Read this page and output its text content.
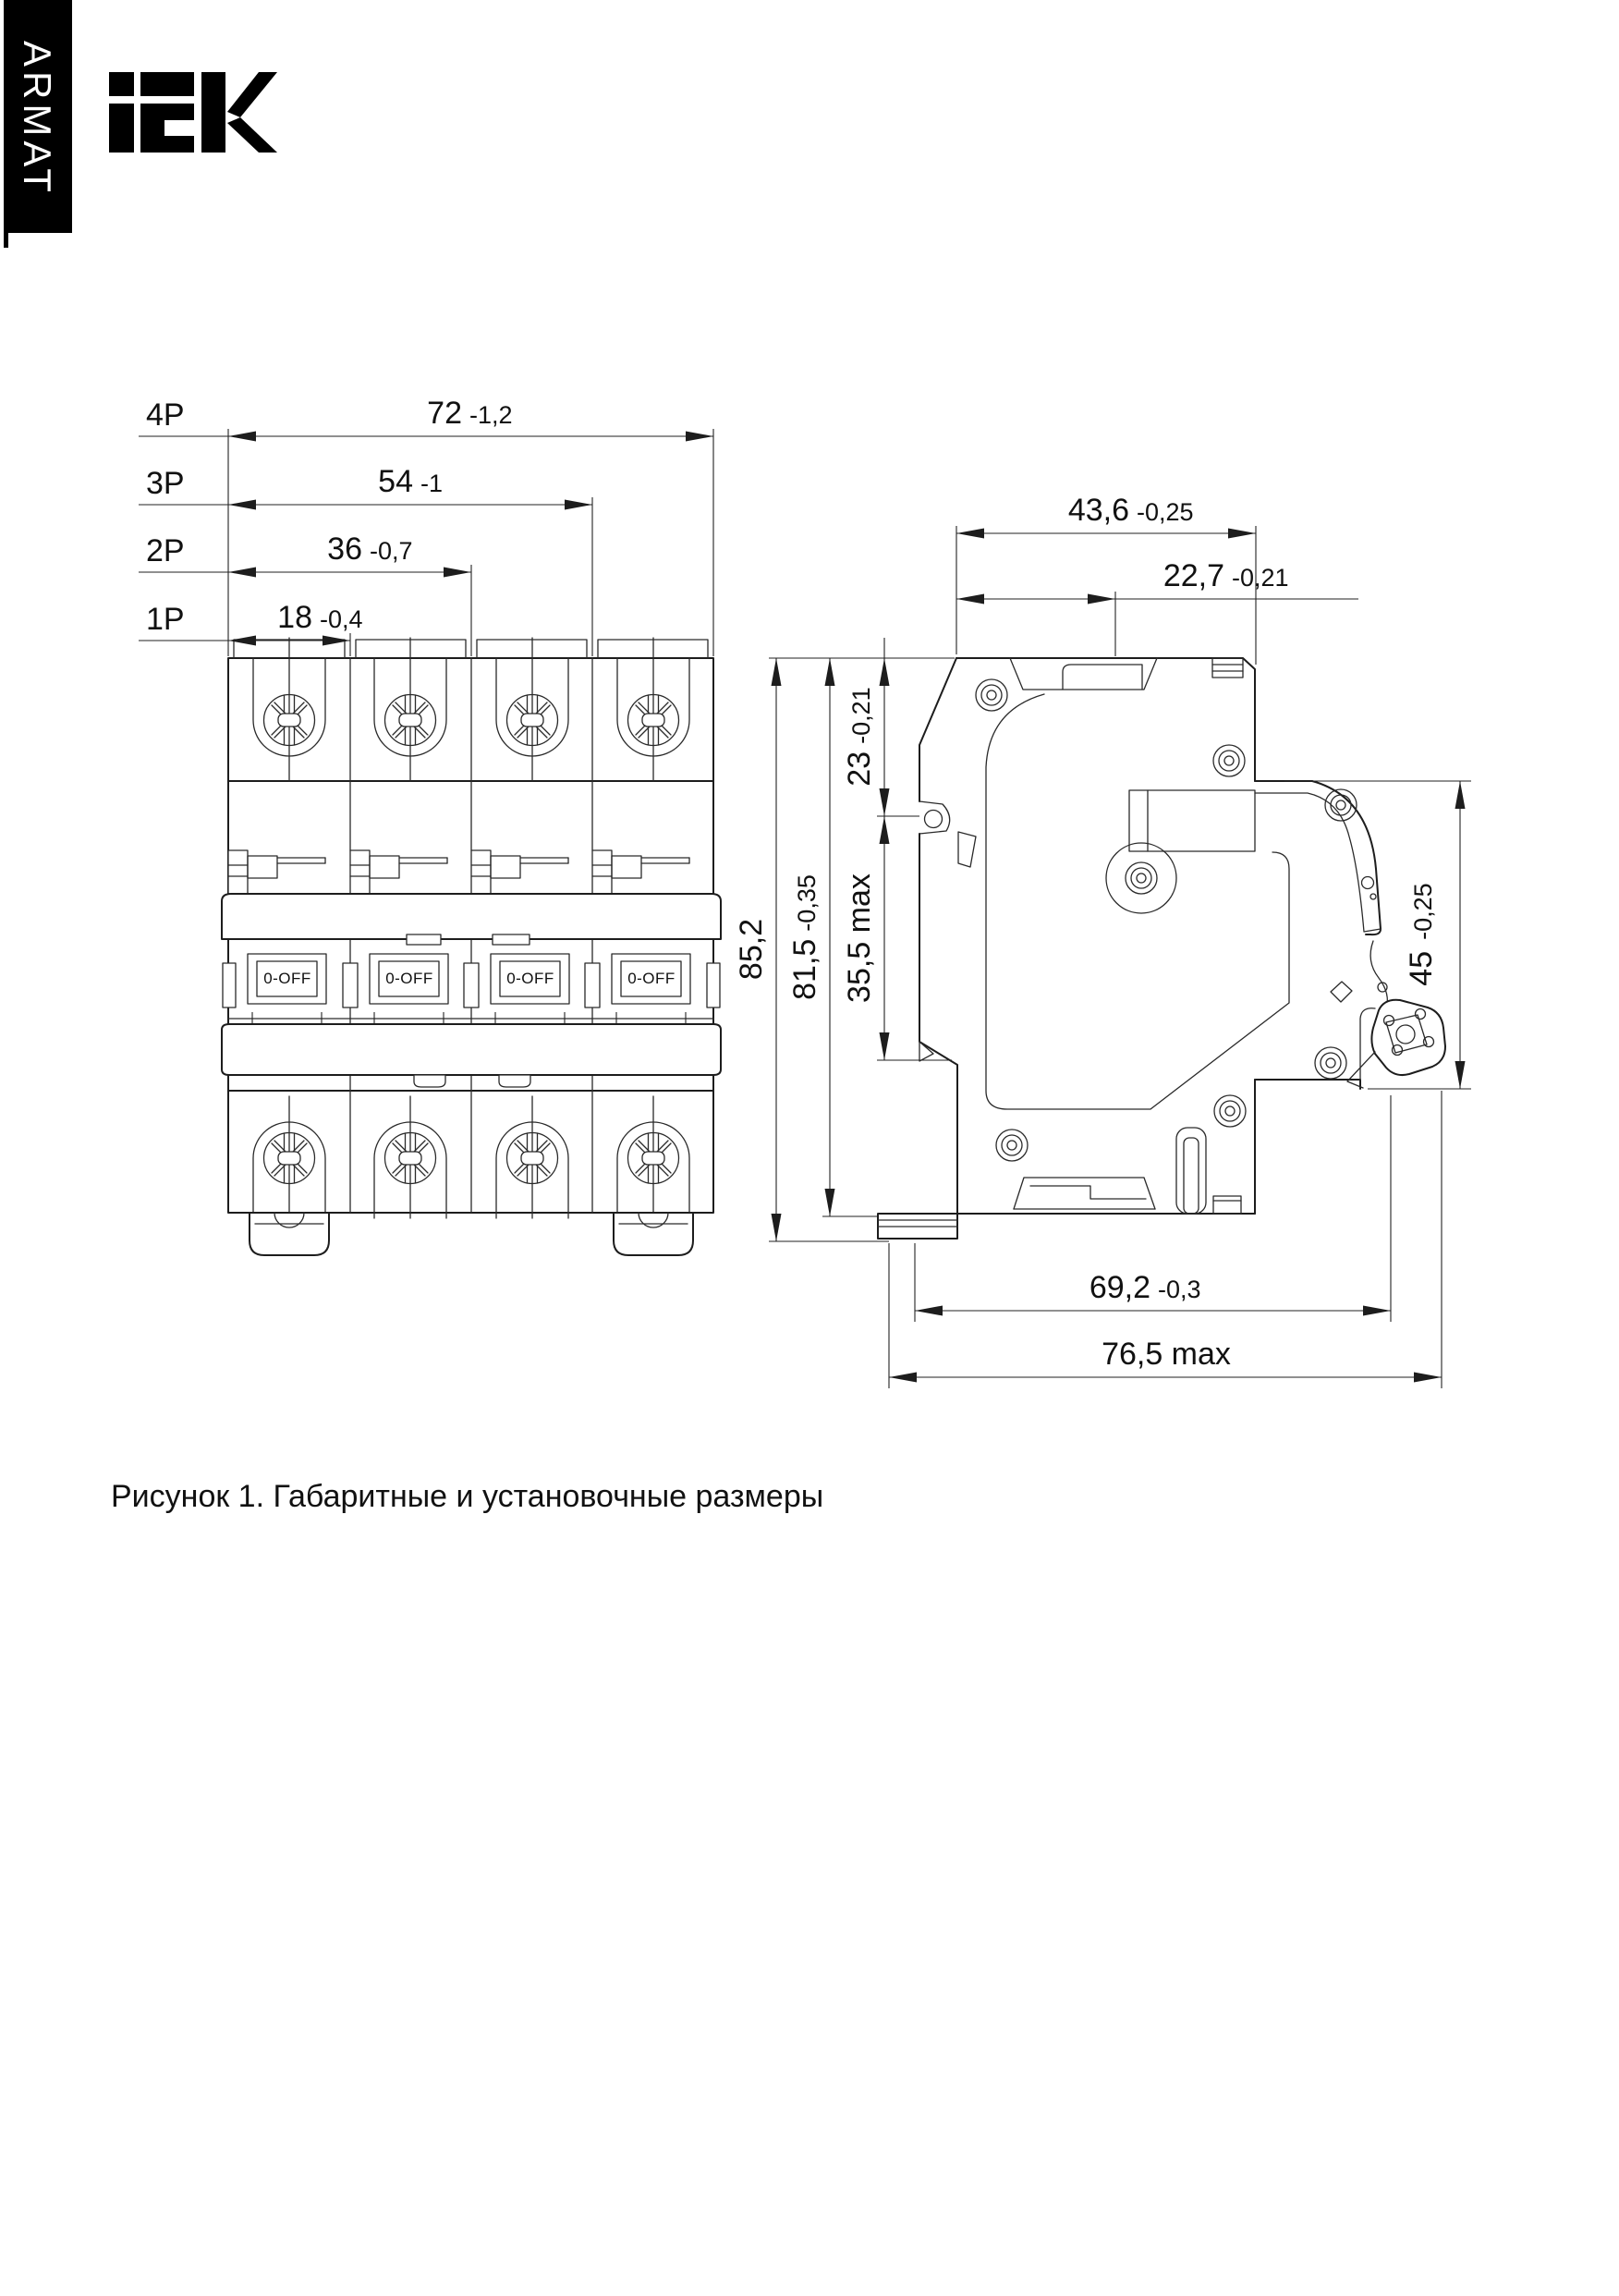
ARMAT
0-OFF	0-OFF	0-OFF	0-OFF
4P	72 -1,2
3P	54 -1
2P	36 -0,7
1P	18 -0,4
43,6 -0,25
22,7 -0,21
23-0,21
35,5 max
81,5-0,35
85,2	45-0,25
69,2 -0,3
76,5 max
Рисунок 1. Габаритные и установочные размеры
